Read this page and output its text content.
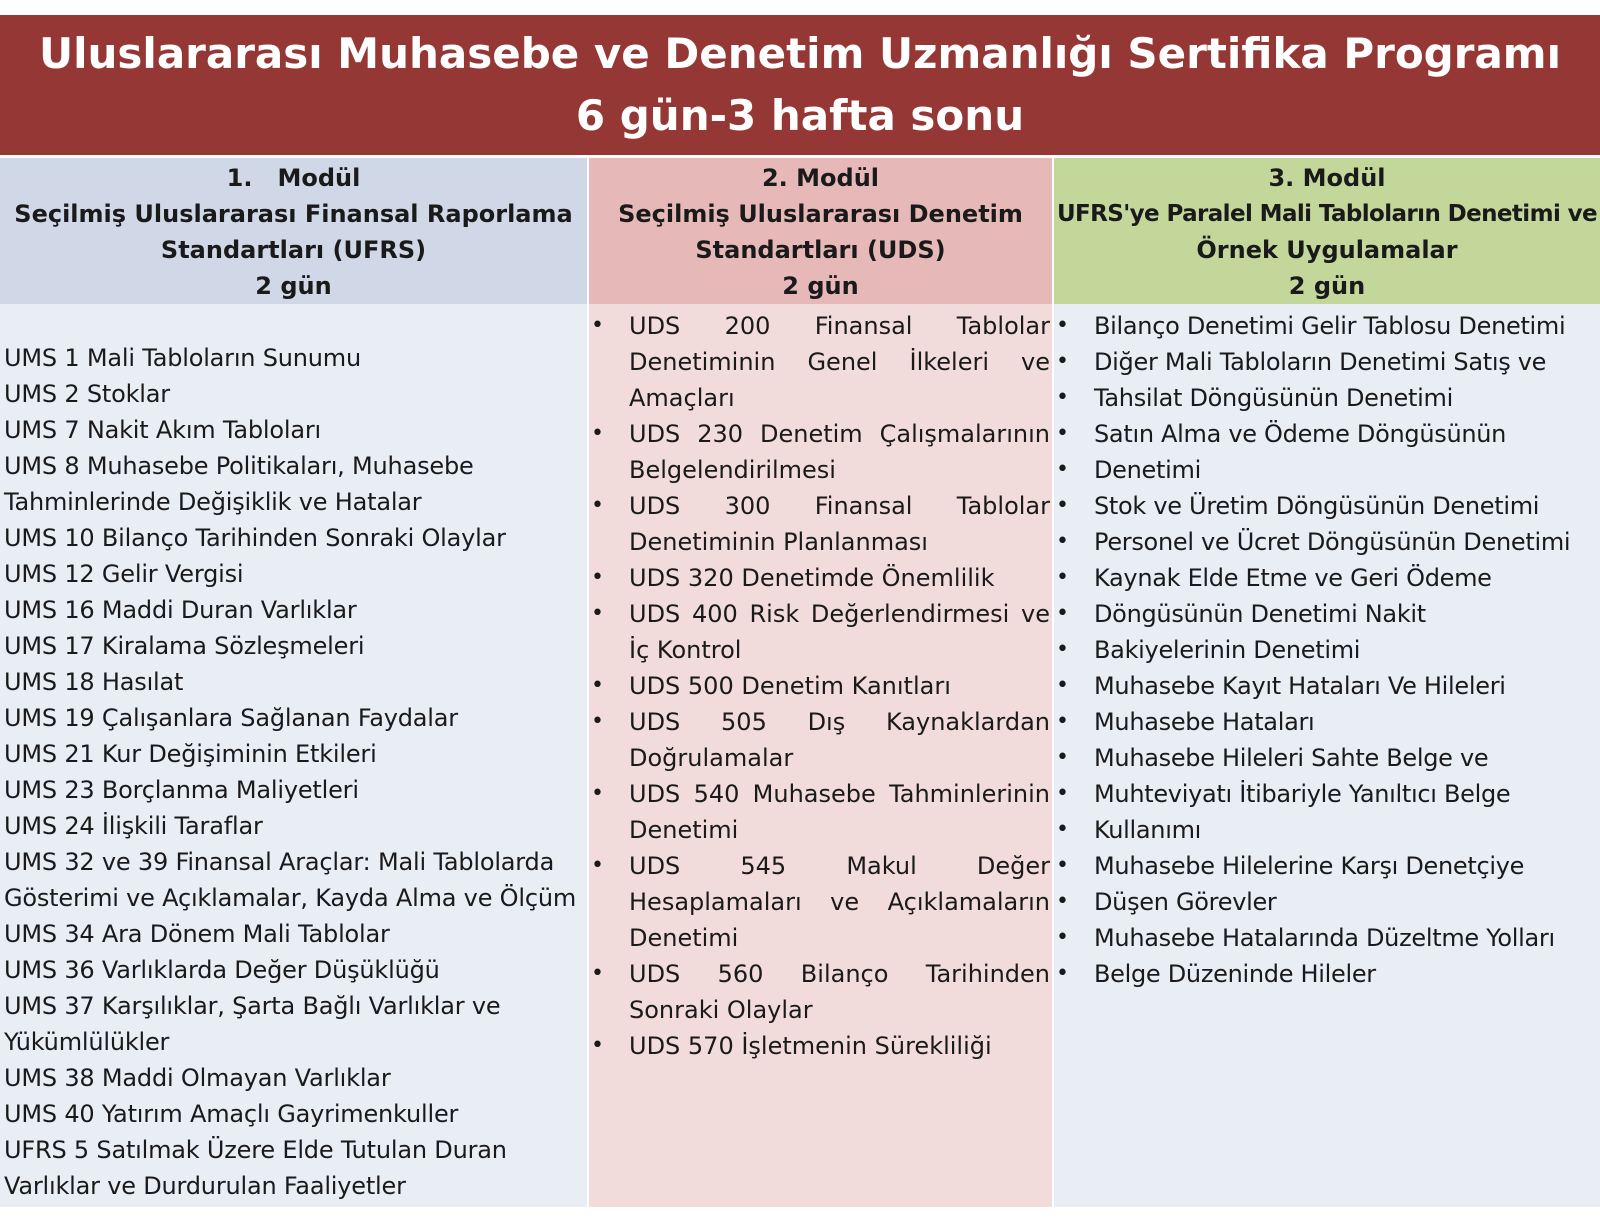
Uluslararası Muhasebe ve Denetim Uzmanlığı Sertifika Programı
6 gün-3 hafta sonu
1.   Modül
Seçilmiş Uluslararası Finansal Raporlama
Standartları (UFRS)
2 gün
UMS 1 Mali Tabloların Sunumu
UMS 2 Stoklar
UMS 7 Nakit Akım Tabloları
UMS 8 Muhasebe Politikaları, Muhasebe
Tahminlerinde Değişiklik ve Hatalar
UMS 10 Bilanço Tarihinden Sonraki Olaylar
UMS 12 Gelir Vergisi
UMS 16 Maddi Duran Varlıklar
UMS 17 Kiralama Sözleşmeleri
UMS 18 Hasılat
UMS 19 Çalışanlara Sağlanan Faydalar
UMS 21 Kur Değişiminin Etkileri
UMS 23 Borçlanma Maliyetleri
UMS 24 İlişkili Taraflar
UMS 32 ve 39 Finansal Araçlar: Mali Tablolarda
Gösterimi ve Açıklamalar, Kayda Alma ve Ölçüm
UMS 34 Ara Dönem Mali Tablolar
UMS 36 Varlıklarda Değer Düşüklüğü
UMS 37 Karşılıklar, Şarta Bağlı Varlıklar ve
Yükümlülükler
UMS 38 Maddi Olmayan Varlıklar
UMS 40 Yatırım Amaçlı Gayrimenkuller
UFRS 5 Satılmak Üzere Elde Tutulan Duran
Varlıklar ve Durdurulan Faaliyetler
2. Modül
Seçilmiş Uluslararası Denetim
Standartları (UDS)
2 gün
• UDS 200 Finansal Tablolar Denetiminin Genel İlkeleri ve Amaçları
• UDS 230 Denetim Çalışmalarının Belgelendirilmesi
• UDS 300 Finansal Tablolar Denetiminin Planlanması
• UDS 320 Denetimde Önemlilik
• UDS 400 Risk Değerlendirmesi ve İç Kontrol
• UDS 500 Denetim Kanıtları
• UDS 505 Dış Kaynaklardan Doğrulamalar
• UDS 540 Muhasebe Tahminlerinin Denetimi
• UDS 545 Makul Değer Hesaplamaları ve Açıklamaların Denetimi
• UDS 560 Bilanço Tarihinden Sonraki Olaylar
• UDS 570 İşletmenin Sürekliliği
3. Modül
UFRS'ye Paralel Mali Tabloların Denetimi ve
Örnek Uygulamalar
2 gün
• Bilanço Denetimi Gelir Tablosu Denetimi
• Diğer Mali Tabloların Denetimi Satış ve
• Tahsilat Döngüsünün Denetimi
• Satın Alma ve Ödeme Döngüsünün
• Denetimi
• Stok ve Üretim Döngüsünün Denetimi
• Personel ve Ücret Döngüsünün Denetimi
• Kaynak Elde Etme ve Geri Ödeme
• Döngüsünün Denetimi Nakit
• Bakiyelerinin Denetimi
• Muhasebe Kayıt Hataları Ve Hileleri
• Muhasebe Hataları
• Muhasebe Hileleri Sahte Belge ve
• Muhteviyatı İtibariyle Yanıltıcı Belge
• Kullanımı
• Muhasebe Hilelerine Karşı Denetçiye
• Düşen Görevler
• Muhasebe Hatalarında Düzeltme Yolları
• Belge Düzeninde Hileler
